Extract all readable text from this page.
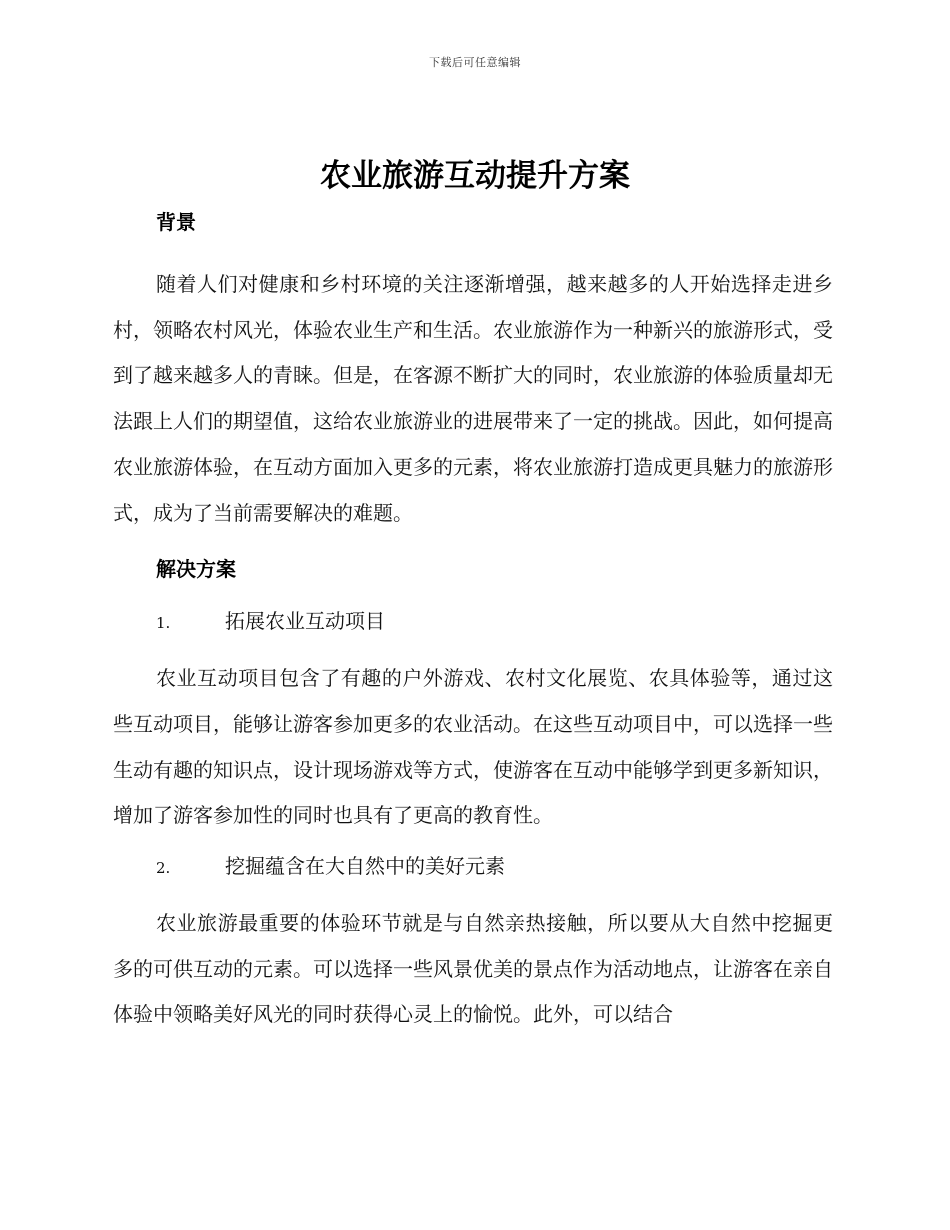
下载后可任意编辑
农业旅游互动提升方案
背景

随着人们对健康和乡村环境的关注逐渐增强，越来越多的人开始选择走进乡村，领略农村风光，体验农业生产和生活。农业旅游作为一种新兴的旅游形式，受到了越来越多人的青睐。但是，在客源不断扩大的同时，农业旅游的体验质量却无法跟上人们的期望值，这给农业旅游业的进展带来了一定的挑战。因此，如何提高农业旅游体验，在互动方面加入更多的元素，将农业旅游打造成更具魅力的旅游形式，成为了当前需要解决的难题。

解决方案
1.	拓展农业互动项目

农业互动项目包含了有趣的户外游戏、农村文化展览、农具体验等，通过这些互动项目，能够让游客参加更多的农业活动。在这些互动项目中，可以选择一些生动有趣的知识点，设计现场游戏等方式，使游客在互动中能够学到更多新知识，增加了游客参加性的同时也具有了更高的教育性。

2.	挖掘蕴含在大自然中的美好元素

农业旅游最重要的体验环节就是与自然亲热接触，所以要从大自然中挖掘更多的可供互动的元素。可以选择一些风景优美的景点作为活动地点，让游客在亲自体验中领略美好风光的同时获得心灵上的愉悦。此外，可以结合
